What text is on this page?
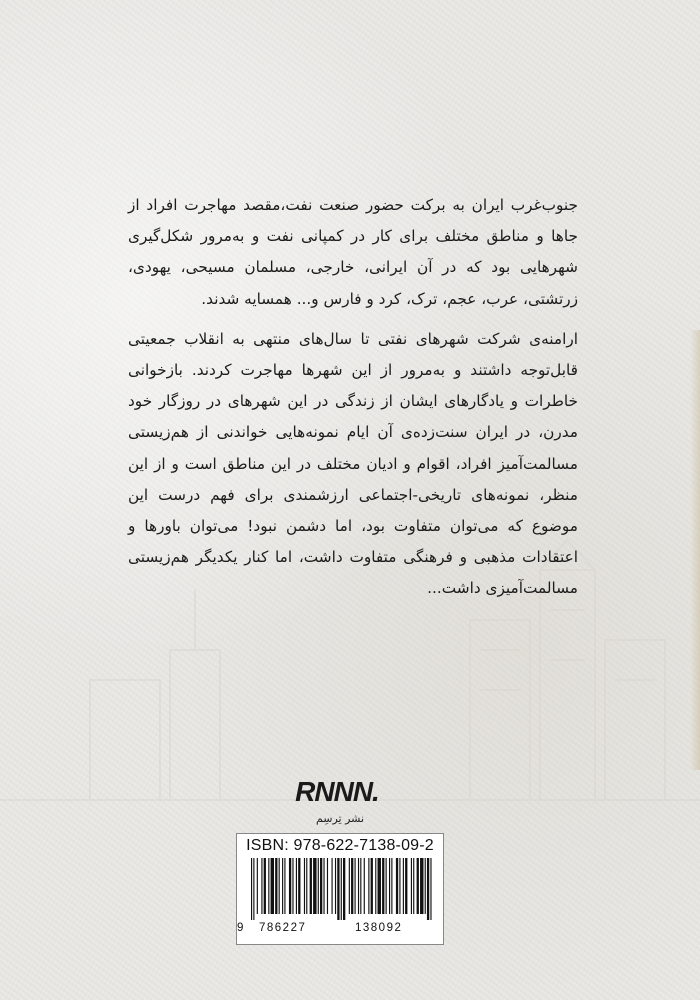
جنوب‌غرب ایران به برکت حضور صنعت نفت،مقصد مهاجرت افراد از جاها و مناطق مختلف برای کار در کمپانی نفت و به‌مرور شکل‌گیری شهرهایی بود که در آن ایرانی، خارجی، مسلمان مسیحی، یهودی، زرتشتی، عرب، عجم، ترک، کرد و فارس و... همسایه شدند.

ارامنه‌ی شرکت شهرهای نفتی تا سال‌های منتهی به انقلاب جمعیتی قابل‌توجه داشتند و به‌مرور از این شهرها مهاجرت کردند. بازخوانی خاطرات و یادگارهای ایشان از زندگی در این شهرهای در روزگار خود مدرن، در ایران سنت‌زده‌ی آن ایام نمونه‌هایی خواندنی از هم‌زیستی مسالمت‌آمیز افراد، اقوام و ادیان مختلف در این مناطق است و از این منظر، نمونه‌های تاریخی-اجتماعی ارزشمندی برای فهم درست این موضوع که می‌توان متفاوت بود، اما دشمن نبود! می‌توان باورها و اعتقادات مذهبی و فرهنگی متفاوت داشت، اما کنار یکدیگر هم‌زیستی مسالمت‌آمیزی داشت...

RNNN.
نشر تِرسِم
ISBN: 978-622-7138-09-2
9 786227	138092
